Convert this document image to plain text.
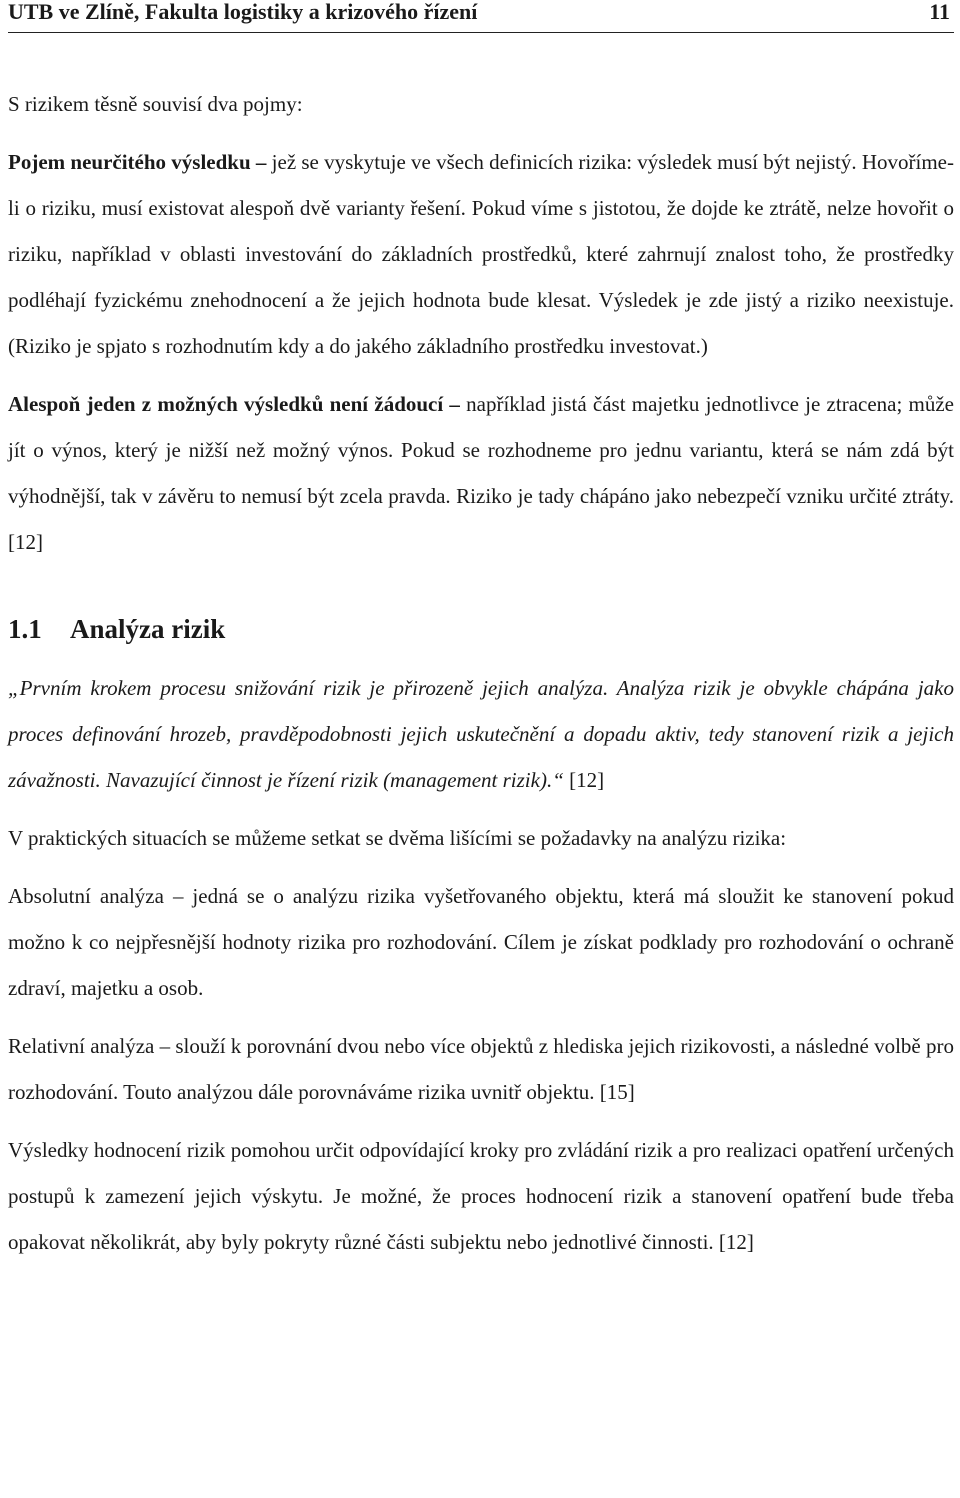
UTB ve Zlíně, Fakulta logistiky a krizového řízení	11

S rizikem těsně souvisí dva pojmy:

Pojem neurčitého výsledku – jež se vyskytuje ve všech definicích rizika: výsledek musí být nejistý. Hovoříme-li o riziku, musí existovat alespoň dvě varianty řešení. Pokud víme s jistotou, že dojde ke ztrátě, nelze hovořit o riziku, například v oblasti investování do základních prostředků, které zahrnují znalost toho, že prostředky podléhají fyzickému znehodnocení a že jejich hodnota bude klesat. Výsledek je zde jistý a riziko neexistuje. (Riziko je spjato s rozhodnutím kdy a do jakého základního prostředku investovat.)

Alespoň jeden z možných výsledků není žádoucí – například jistá část majetku jednotlivce je ztracena; může jít o výnos, který je nižší než možný výnos. Pokud se rozhodneme pro jednu variantu, která se nám zdá být výhodnější, tak v závěru to nemusí být zcela pravda. Riziko je tady chápáno jako nebezpečí vzniku určité ztráty. [12]

1.1 Analýza rizik

„Prvním krokem procesu snižování rizik je přirozeně jejich analýza. Analýza rizik je obvykle chápána jako proces definování hrozeb, pravděpodobnosti jejich uskutečnění a dopadu aktiv, tedy stanovení rizik a jejich závažnosti. Navazující činnost je řízení rizik (management rizik).“ [12]

V praktických situacích se můžeme setkat se dvěma lišícími se požadavky na analýzu rizika:

Absolutní analýza – jedná se o analýzu rizika vyšetřovaného objektu, která má sloužit ke stanovení pokud možno k co nejpřesnější hodnoty rizika pro rozhodování. Cílem je získat podklady pro rozhodování o ochraně zdraví, majetku a osob.

Relativní analýza – slouží k porovnání dvou nebo více objektů z hlediska jejich rizikovosti, a následné volbě pro rozhodování. Touto analýzou dále porovnáváme rizika uvnitř objektu. [15]

Výsledky hodnocení rizik pomohou určit odpovídající kroky pro zvládání rizik a pro realizaci opatření určených postupů k zamezení jejich výskytu. Je možné, že proces hodnocení rizik a stanovení opatření bude třeba opakovat několikrát, aby byly pokryty různé části subjektu nebo jednotlivé činnosti. [12]
